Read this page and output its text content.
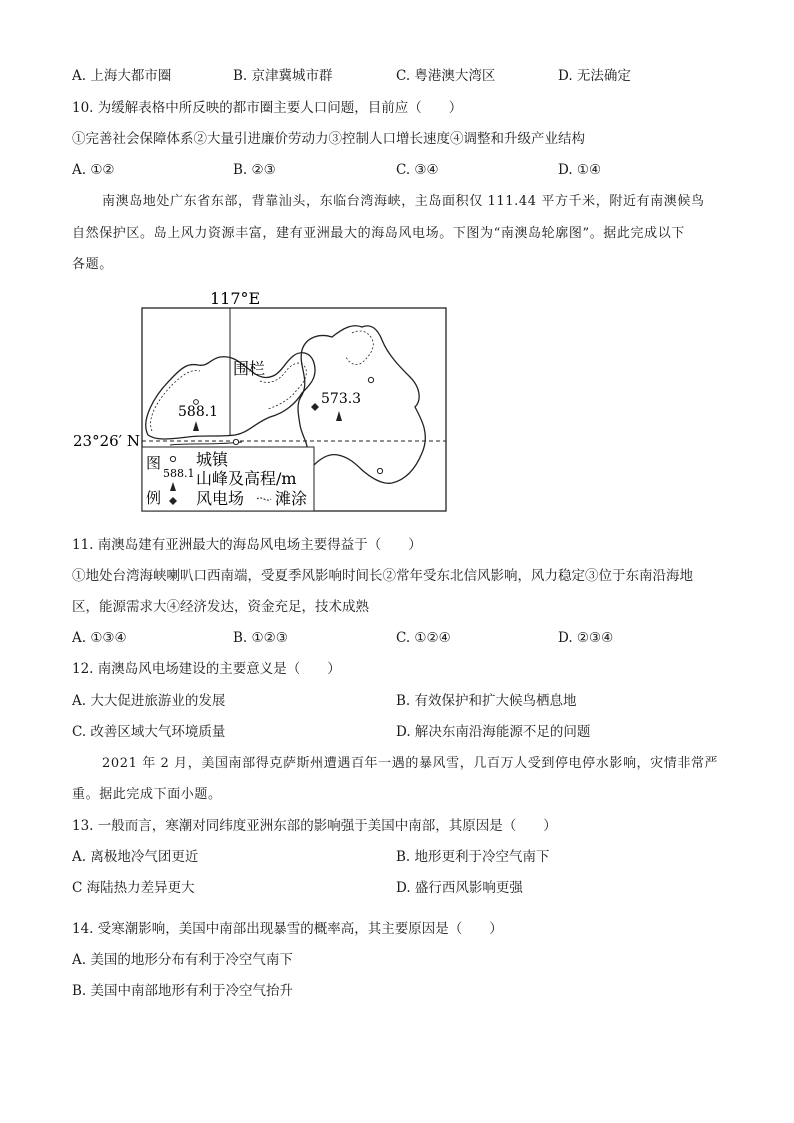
A. 上海大都市圈	B. 京津冀城市群	C. 粤港澳大湾区	D. 无法确定
10. 为缓解表格中所反映的都市圈主要人口问题，目前应（　　）
①完善社会保障体系②大量引进廉价劳动力③控制人口增长速度④调整和升级产业结构
A. ①②	B. ②③	C. ③④	D. ①④
南澳岛地处广东省东部，背靠汕头，东临台湾海峡，主岛面积仅 111.44 平方千米，附近有南澳候鸟
自然保护区。岛上风力资源丰富，建有亚洲最大的海岛风电场。下图为“南澳岛轮廓图”。据此完成以下
各题。
117°E
23°26′ N
围栏
588.1
573.3
图
例
588.1
城镇
山峰及高程/m
风电场 滩涂
11. 南澳岛建有亚洲最大的海岛风电场主要得益于（　　）
①地处台湾海峡喇叭口西南端，受夏季风影响时间长②常年受东北信风影响，风力稳定③位于东南沿海地
区，能源需求大④经济发达，资金充足，技术成熟
A. ①③④	B. ①②③	C. ①②④	D. ②③④
12. 南澳岛风电场建设的主要意义是（　　）
A. 大大促进旅游业的发展	B. 有效保护和扩大候鸟栖息地
C. 改善区域大气环境质量	D. 解决东南沿海能源不足的问题
2021 年 2 月，美国南部得克萨斯州遭遇百年一遇的暴风雪，几百万人受到停电停水影响，灾情非常严
重。据此完成下面小题。
13. 一般而言，寒潮对同纬度亚洲东部的影响强于美国中南部，其原因是（　　）
A. 离极地冷气团更近	B. 地形更利于冷空气南下
C 海陆热力差异更大	D. 盛行西风影响更强
14. 受寒潮影响，美国中南部出现暴雪的概率高，其主要原因是（　　）
A. 美国的地形分布有利于冷空气南下
B. 美国中南部地形有利于冷空气抬升
